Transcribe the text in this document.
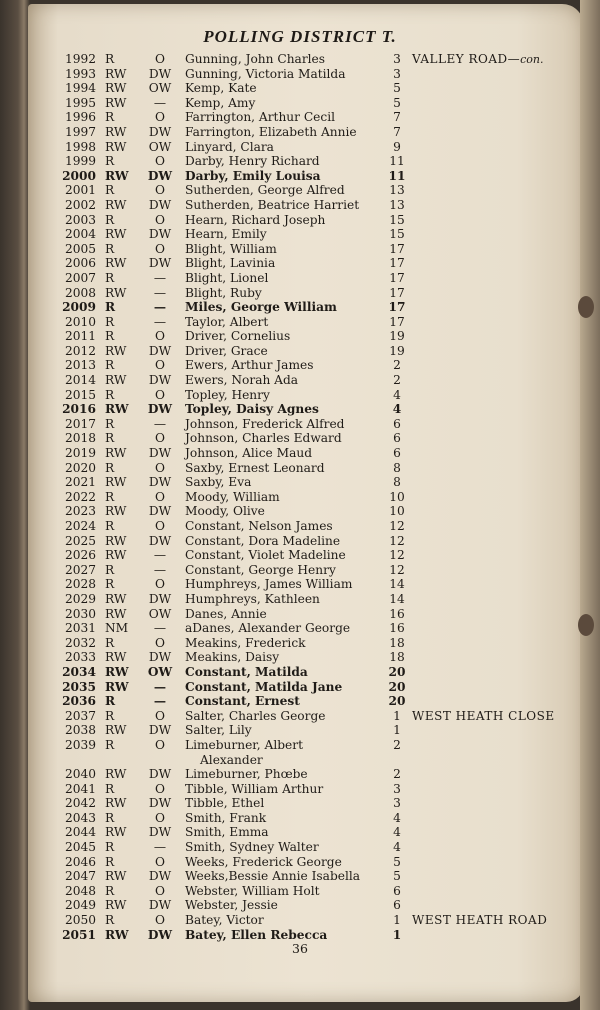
POLLING DISTRICT T.
1992 R	O	Gunning, John Charles	3 VALLEY ROAD—con.
1993 RW	DW Gunning, Victoria Matilda	3
1994 RW	OW Kemp, Kate	5
1995 RW	—	Kemp, Amy	5
1996 R	O	Farrington, Arthur Cecil	7
1997 RW	DW Farrington, Elizabeth Annie	7
1998 RW	OW Linyard, Clara	9
1999 R	O	Darby, Henry Richard	11
2000 RW	DW Darby, Emily Louisa	11
2001 R	O	Sutherden, George Alfred	13
2002 RW	DW Sutherden, Beatrice Harriet	13
2003 R	O	Hearn, Richard Joseph	15
2004 RW	DW Hearn, Emily	15
2005 R	O	Blight, William	17
2006 RW	DW Blight, Lavinia	17
2007 R	—	Blight, Lionel	17
2008 RW	—	Blight, Ruby	17
2009 R	—	Miles, George William	17
2010 R	—	Taylor, Albert	17
2011 R	O	Driver, Cornelius	19
2012 RW	DW Driver, Grace	19
2013 R	O	Ewers, Arthur James	2
2014 RW	DW Ewers, Norah Ada	2
2015 R	O	Topley, Henry	4
2016 RW	DW Topley, Daisy Agnes	4
2017 R	—	Johnson, Frederick Alfred	6
2018 R	O	Johnson, Charles Edward	6
2019 RW	DW Johnson, Alice Maud	6
2020 R	O	Saxby, Ernest Leonard	8
2021 RW	DW Saxby, Eva	8
2022 R	O	Moody, William	10
2023 RW	DW Moody, Olive	10
2024 R	O	Constant, Nelson James	12
2025 RW	DW Constant, Dora Madeline	12
2026 RW	—	Constant, Violet Madeline	12
2027 R	—	Constant, George Henry	12
2028 R	O	Humphreys, James William	14
2029 RW	DW Humphreys, Kathleen	14
2030 RW	OW Danes, Annie	16
2031 NM	—	aDanes, Alexander George	16
2032 R	O	Meakins, Frederick	18
2033 RW	DW Meakins, Daisy	18
2034 RW	OW Constant, Matilda	20
2035 RW	—	Constant, Matilda Jane	20
2036 R	—	Constant, Ernest	20
2037 R	O	Salter, Charles George	1 WEST HEATH CLOSE
2038 RW	DW Salter, Lily	1
2039 R	O	Limeburner, Albert	2
Alexander
2040 RW	DW Limeburner, Phœbe	2
2041 R	O	Tibble, William Arthur	3
2042 RW	DW Tibble, Ethel	3
2043 R	O	Smith, Frank	4
2044 RW	DW Smith, Emma	4
2045 R	—	Smith, Sydney Walter	4
2046 R	O	Weeks, Frederick George	5
2047 RW	DW Weeks,Bessie Annie Isabella	5
2048 R	O	Webster, William Holt	6
2049 RW	DW Webster, Jessie	6
2050 R	O	Batey, Victor	1 WEST HEATH ROAD
2051 RW	DW Batey, Ellen Rebecca	1
36
